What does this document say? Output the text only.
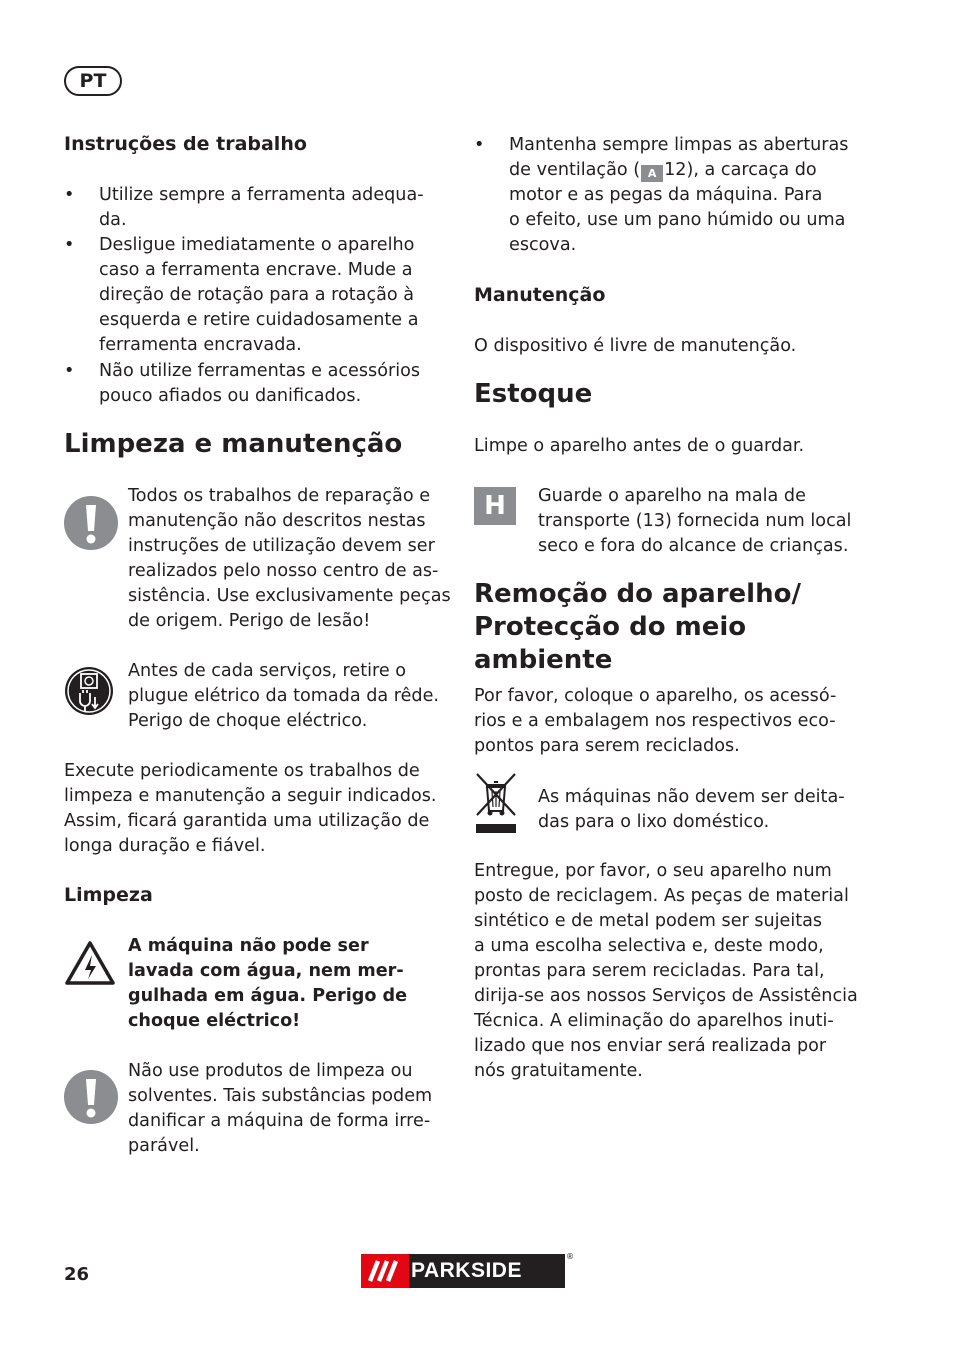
PT
Instruções de trabalho
• Utilize sempre a ferramenta adequa-
da.
• Desligue imediatamente o aparelho
caso a ferramenta encrave. Mude a
direção de rotação para a rotação à
esquerda e retire cuidadosamente a
ferramenta encravada.
• Não utilize ferramentas e acessórios
pouco afiados ou danificados.
Limpeza e manutenção
Todos os trabalhos de reparação e
manutenção não descritos nestas
instruções de utilização devem ser
realizados pelo nosso centro de as-
sistência. Use exclusivamente peças
de origem. Perigo de lesão!
Antes de cada serviços, retire o
plugue elétrico da tomada da rêde.
Perigo de choque eléctrico.
Execute periodicamente os trabalhos de
limpeza e manutenção a seguir indicados.
Assim, ficará garantida uma utilização de
longa duração e fiável.
Limpeza
A máquina não pode ser
lavada com água, nem mer-
gulhada em água. Perigo de
choque eléctrico!
Não use produtos de limpeza ou
solventes. Tais substâncias podem
danificar a máquina de forma irre-
parável.
• Mantenha sempre limpas as aberturas
de ventilação ( A 12), a carcaça do
motor e as pegas da máquina. Para
o efeito, use um pano húmido ou uma
escova.
Manutenção
O dispositivo é livre de manutenção.
Estoque
Limpe o aparelho antes de o guardar.
H	Guarde o aparelho na mala de
transporte (13) fornecida num local
seco e fora do alcance de crianças.
Remoção do aparelho/
Protecção do meio
ambiente
Por favor, coloque o aparelho, os acessó-
rios e a embalagem nos respectivos eco-
pontos para serem reciclados.
As máquinas não devem ser deita-
das para o lixo doméstico.
Entregue, por favor, o seu aparelho num
posto de reciclagem. As peças de material
sintético e de metal podem ser sujeitas
a uma escolha selectiva e, deste modo,
prontas para serem recicladas. Para tal,
dirija-se aos nossos Serviços de Assistência
Técnica. A eliminação do aparelhos inuti-
lizado que nos enviar será realizada por
nós gratuitamente.
26	PARKSIDE
®
